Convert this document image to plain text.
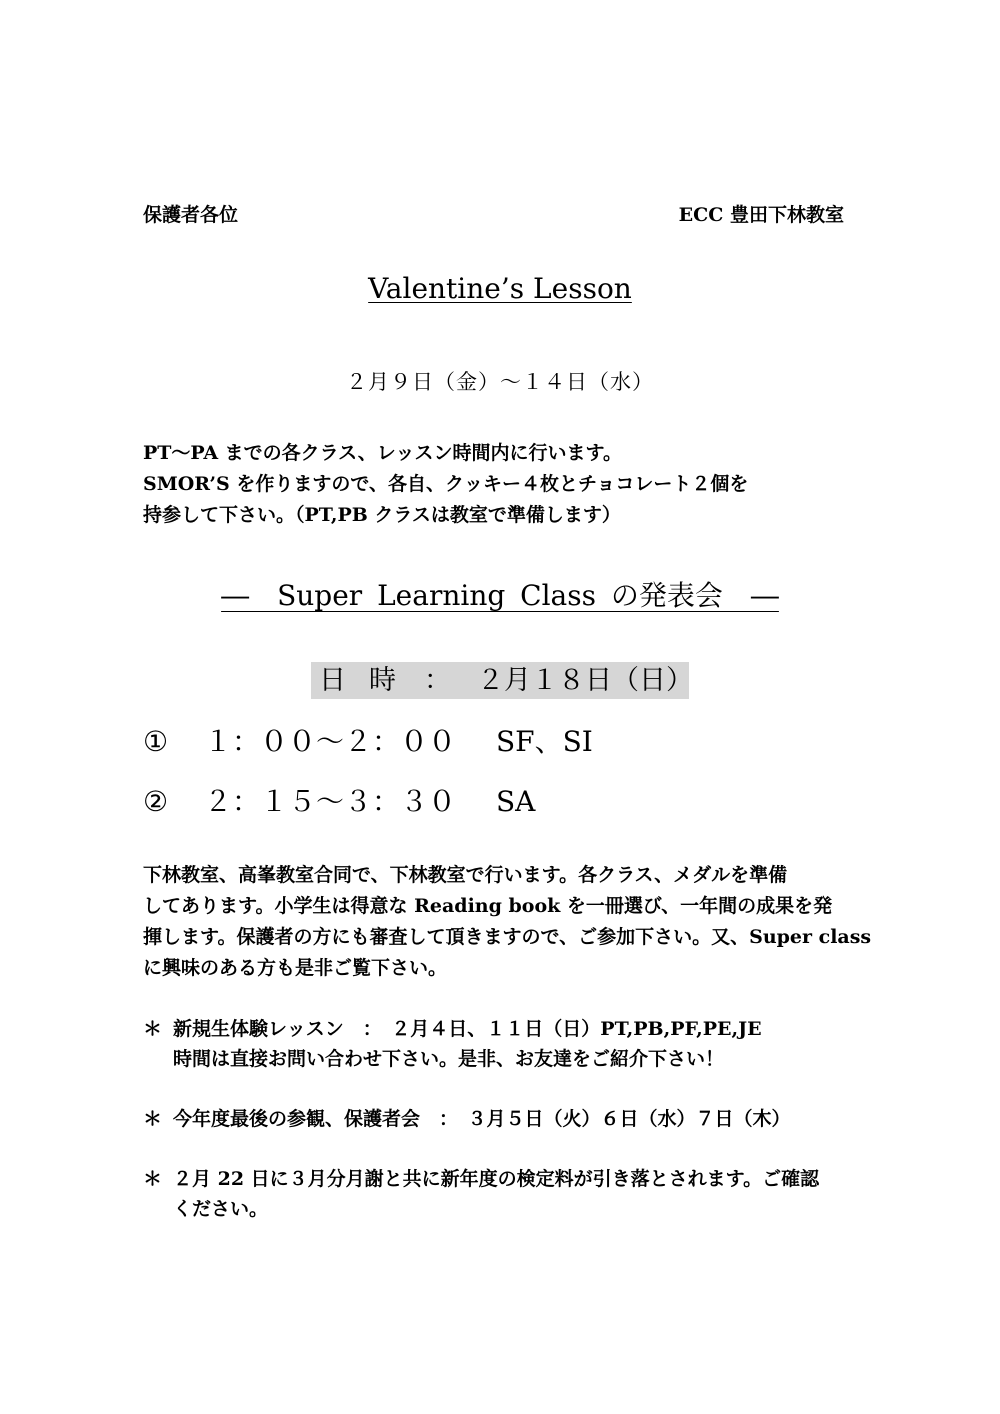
保護者各位	ECC 豊田下林教室
Valentine’s Lesson
２月９日（金）～１４日（水）
PT～PA までの各クラス、レッスン時間内に行います。
SMOR’S を作りますので、各自、クッキー４枚とチョコレート２個を
持参して下さい。（PT,PB クラスは教室で準備します）
―　Super Learning Class の発表会　―
日 時 ： ２月１８日（日）
① １：００～２：００ SF、SI
② ２：１５～３：３０ SA
下林教室、高峯教室合同で、下林教室で行います。各クラス、メダルを準備
してあります。小学生は得意な Reading book を一冊選び、一年間の成果を発
揮します。保護者の方にも審査して頂きますので、ご参加下さい。又、Super class
に興味のある方も是非ご覧下さい。
＊ 新規生体験レッスン　：　２月４日、１１日（日）PT,PB,PF,PE,JE
時間は直接お問い合わせ下さい。是非、お友達をご紹介下さい！
＊ 今年度最後の参観、保護者会　：　３月５日（火）６日（水）７日（木）
＊ ２月 22 日に３月分月謝と共に新年度の検定料が引き落とされます。ご確認
ください。
